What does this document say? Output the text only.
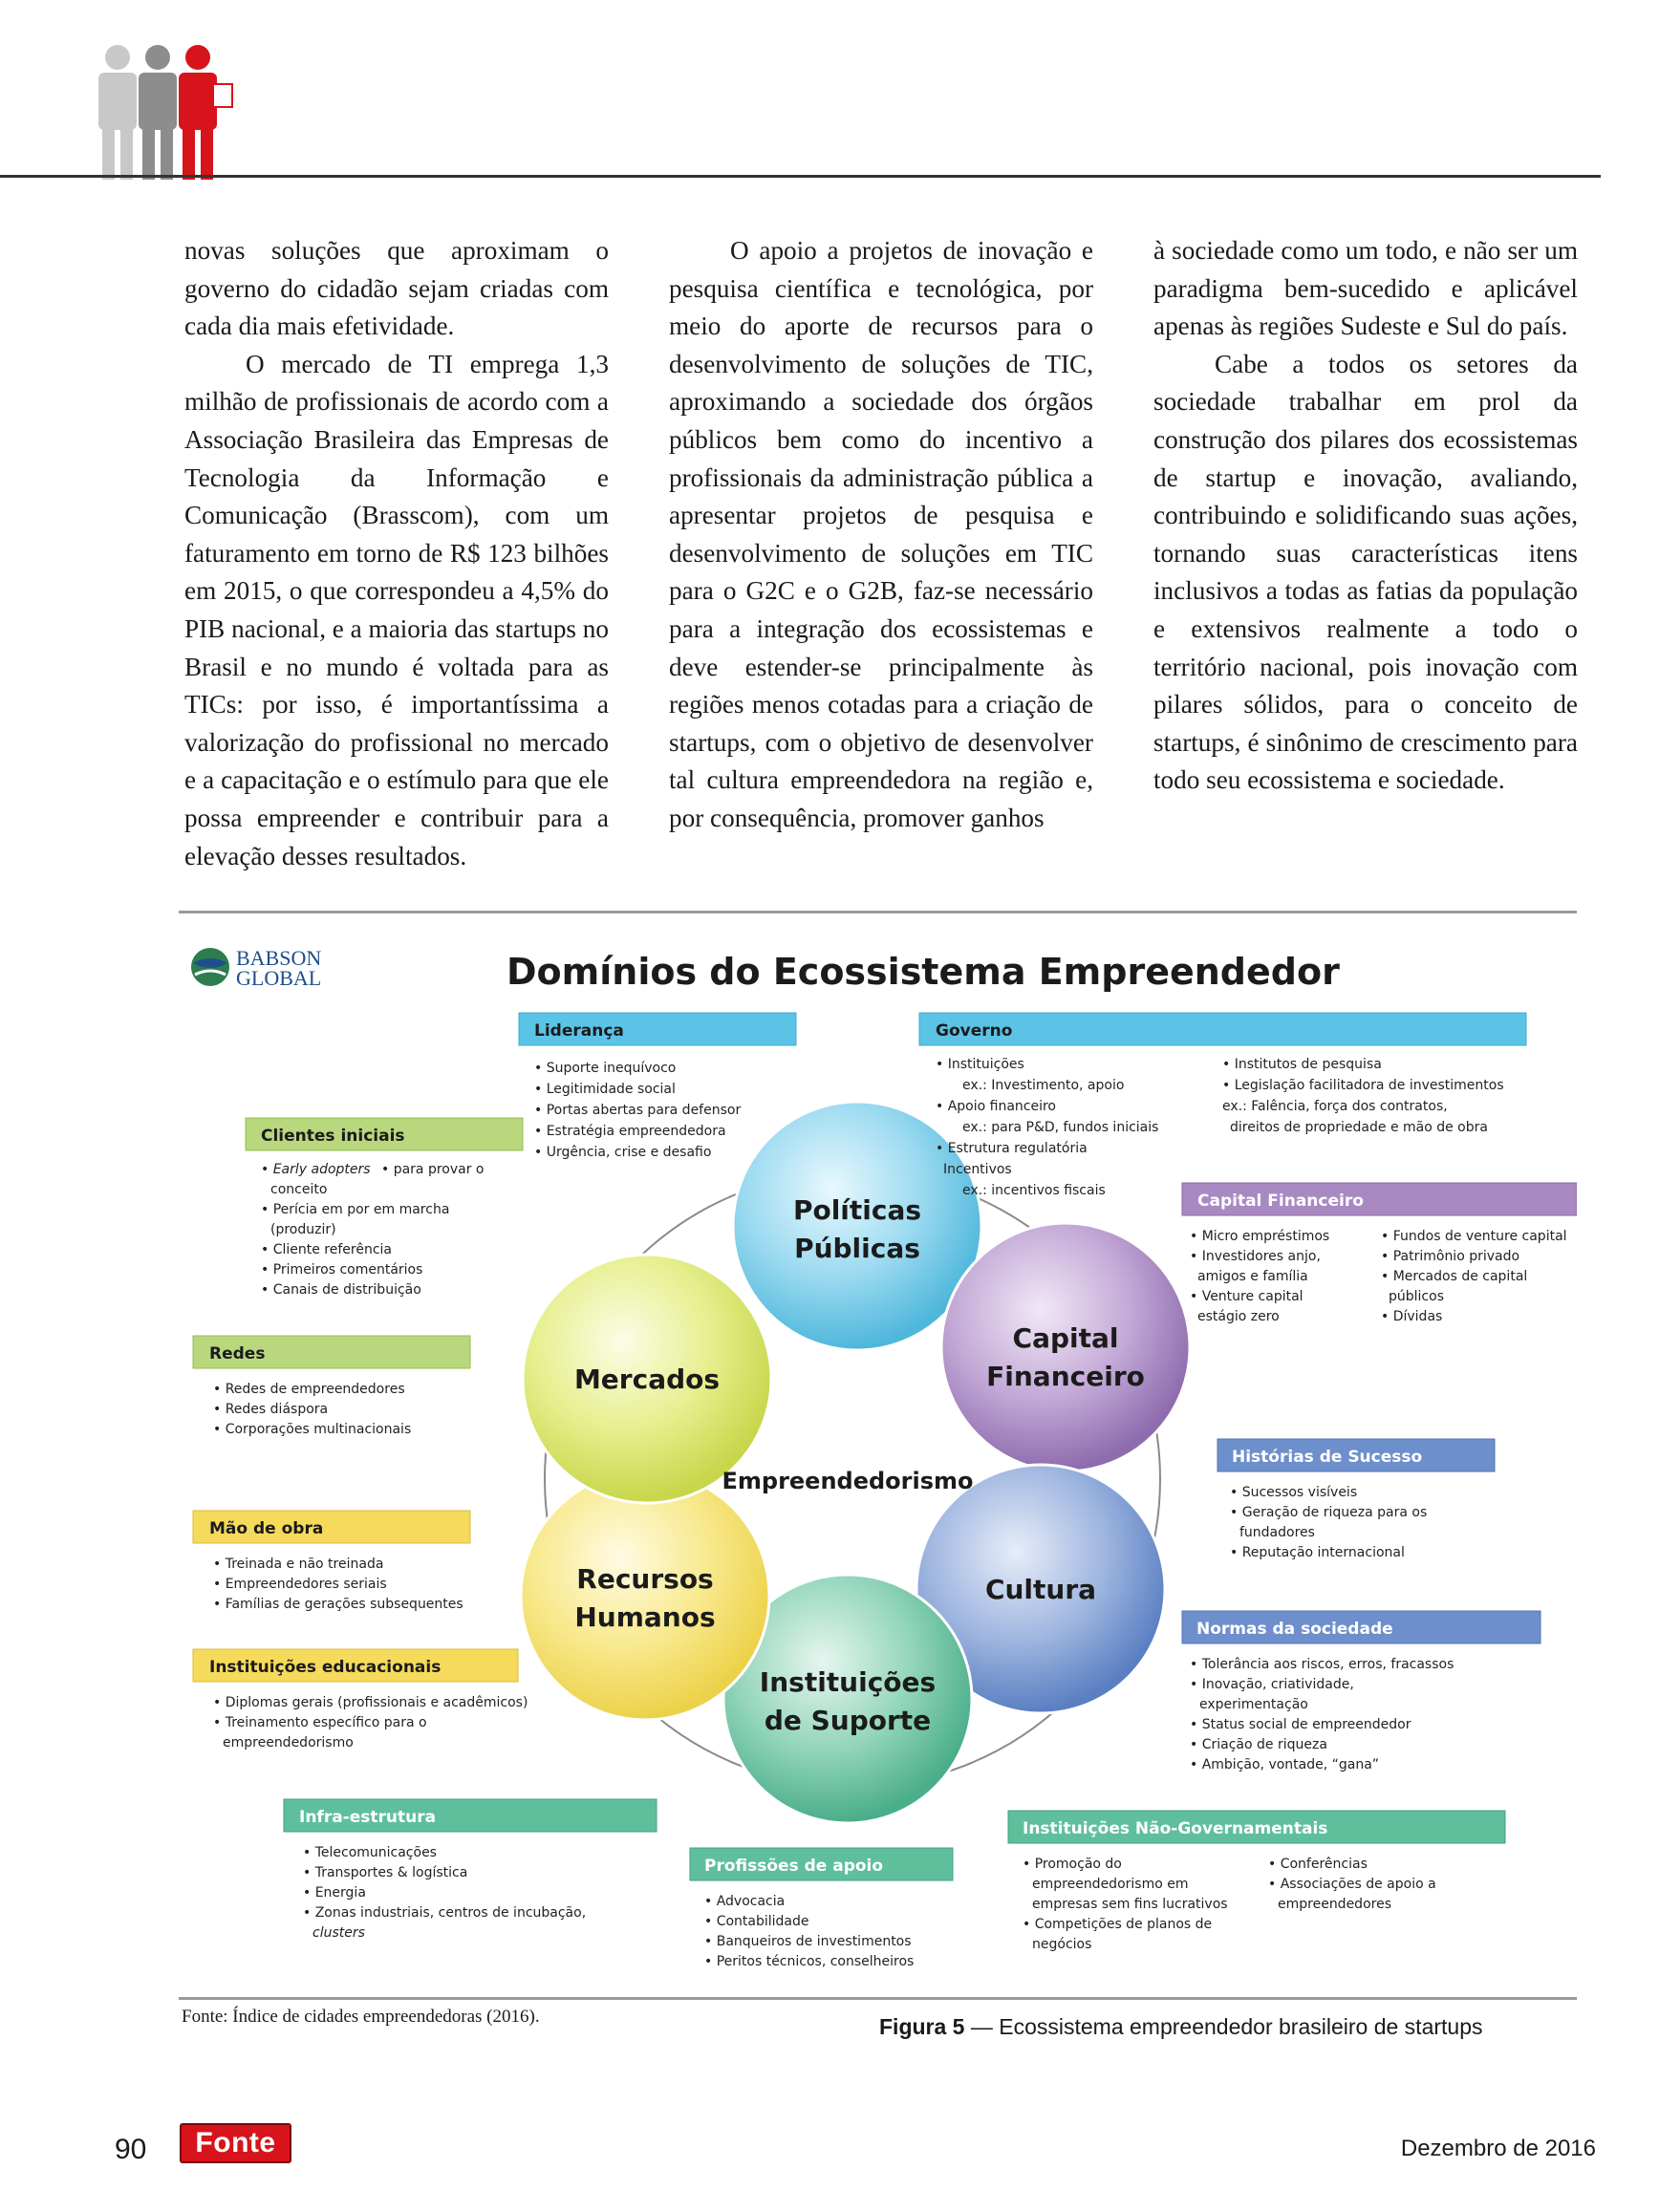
novas soluções que aproximam o governo do cidadão sejam criadas com cada dia mais efetividade.

O mercado de TI emprega 1,3 milhão de profissionais de acordo com a Associação Brasileira das Empresas de Tecnologia da Informação e Comunicação (Brasscom), com um faturamento em torno de R$ 123 bilhões em 2015, o que correspondeu a 4,5% do PIB nacional, e a maioria das startups no Brasil e no mundo é voltada para as TICs: por isso, é importantíssima a valorização do profissional no mercado e a capacitação e o estímulo para que ele possa empreender e contribuir para a elevação desses resultados.

O apoio a projetos de inovação e pesquisa científica e tecnológica, por meio do aporte de recursos para o desenvolvimento de soluções de TIC, aproximando a sociedade dos órgãos públicos bem como do incentivo a profissionais da administração pública a apresentar projetos de pesquisa e desenvolvimento de soluções em TIC para o G2C e o G2B, faz-se necessário para a integração dos ecossistemas e deve estender-se principalmente às regiões menos cotadas para a criação de startups, com o objetivo de desenvolver tal cultura empreendedora na região e, por consequência, promover ganhos

à sociedade como um todo, e não ser um paradigma bem-sucedido e aplicável apenas às regiões Sudeste e Sul do país.

Cabe a todos os setores da sociedade trabalhar em prol da construção dos pilares dos ecossistemas de startup e inovação, avaliando, contribuindo e solidificando suas ações, tornando suas características itens inclusivos a todas as fatias da população e extensivos realmente a todo o território nacional, pois inovação com pilares sólidos, para o conceito de startups, é sinônimo de crescimento para todo seu ecossistema e sociedade.

BABSON
GLOBAL	Domínios do Ecossistema Empreendedor
Políticas
Públicas
Capital
Financeiro
Cultura
Instituições
de Suporte
Recursos
Humanos
Mercados
Empreendedorismo
Liderança
• Suporte inequívoco
• Legitimidade social
• Portas abertas para defensor
• Estratégia empreendedora
• Urgência, crise e desafio
Governo
• Instituições
ex.: Investimento, apoio
• Apoio financeiro
ex.: para P&D, fundos iniciais
• Estrutura regulatória
Incentivos
ex.: incentivos fiscais
• Institutos de pesquisa
• Legislação facilitadora de investimentos
ex.: Falência, força dos contratos,
direitos de propriedade e mão de obra
Clientes iniciais
• Early adopters • para provar o
conceito
• Perícia em por em marcha
(produzir)
• Cliente referência
• Primeiros comentários
• Canais de distribuição
Capital Financeiro
• Micro empréstimos
• Investidores anjo,
amigos e família
• Venture capital
estágio zero
• Fundos de venture capital
• Patrimônio privado
• Mercados de capital
públicos
• Dívidas
Redes
• Redes de empreendedores
• Redes diáspora
• Corporações multinacionais
Histórias de Sucesso
• Sucessos visíveis
• Geração de riqueza para os
fundadores
• Reputação internacional
Mão de obra
• Treinada e não treinada
• Empreendedores seriais
• Famílias de gerações subsequentes
Normas da sociedade
• Tolerância aos riscos, erros, fracassos
• Inovação, criatividade,
experimentação
• Status social de empreendedor
• Criação de riqueza
• Ambição, vontade, “gana”
Instituições educacionais
• Diplomas gerais (profissionais e acadêmicos)
• Treinamento específico para o
empreendedorismo
Infra-estrutura
• Telecomunicações
• Transportes & logística
• Energia
• Zonas industriais, centros de incubação,
clusters
Profissões de apoio
• Advocacia
• Contabilidade
• Banqueiros de investimentos
• Peritos técnicos, conselheiros
Instituições Não-Governamentais
• Promoção do
empreendedorismo em
empresas sem fins lucrativos
• Competições de planos de
negócios
• Conferências
• Associações de apoio a
empreendedores
Fonte: Índice de cidades empreendedoras (2016).	Figura 5 — Ecossistema empreendedor brasileiro de startups
90	Fonte	Dezembro de 2016
